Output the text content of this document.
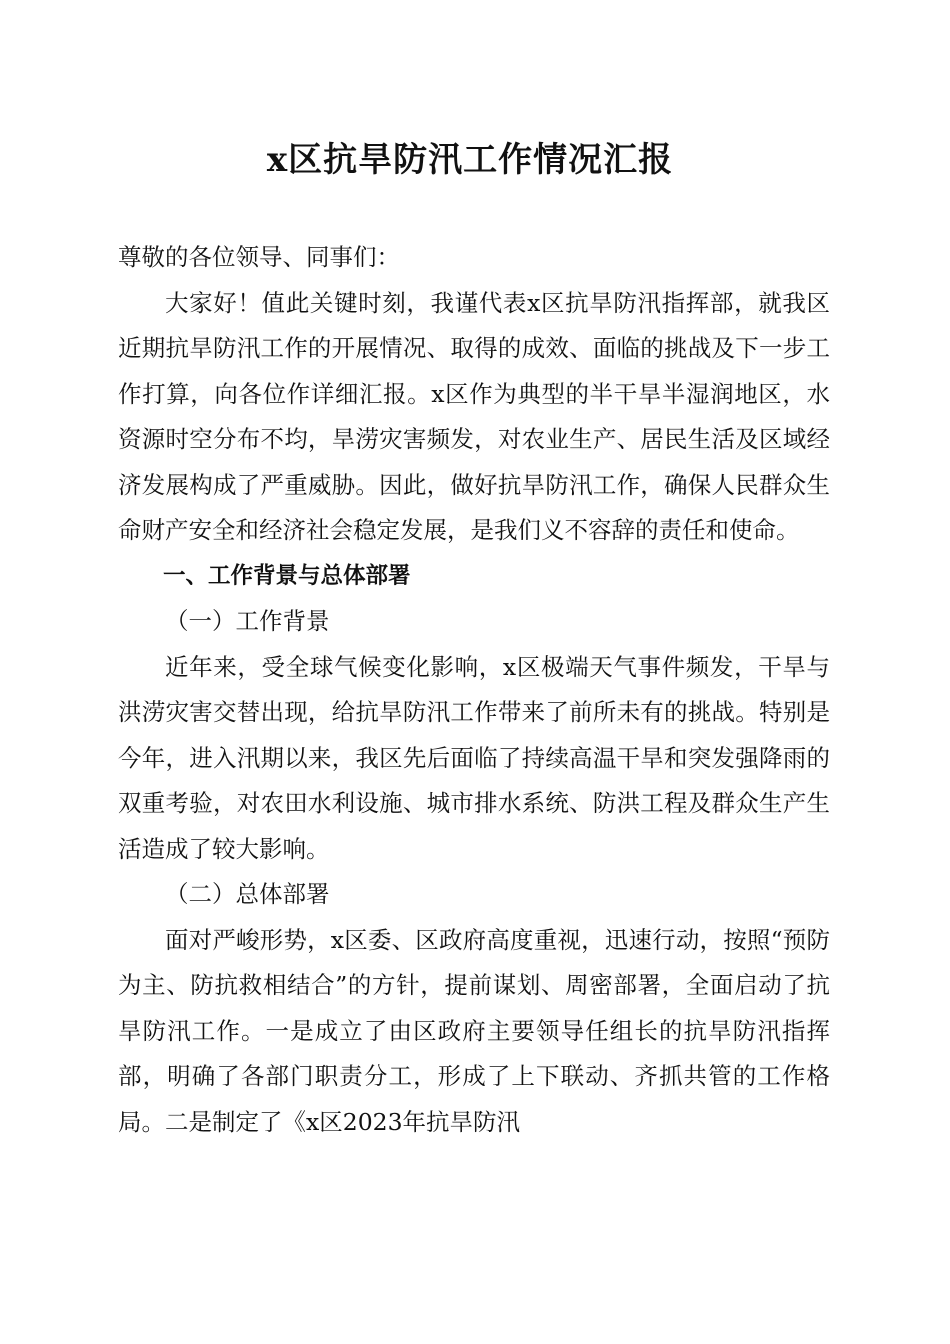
x区抗旱防汛工作情况汇报

尊敬的各位领导、同事们：

大家好！值此关键时刻，我谨代表x区抗旱防汛指挥部，就我区近期抗旱防汛工作的开展情况、取得的成效、面临的挑战及下一步工作打算，向各位作详细汇报。x区作为典型的半干旱半湿润地区，水资源时空分布不均，旱涝灾害频发，对农业生产、居民生活及区域经济发展构成了严重威胁。因此，做好抗旱防汛工作，确保人民群众生命财产安全和经济社会稳定发展，是我们义不容辞的责任和使命。

一、工作背景与总体部署

（一）工作背景

近年来，受全球气候变化影响，x区极端天气事件频发，干旱与洪涝灾害交替出现，给抗旱防汛工作带来了前所未有的挑战。特别是今年，进入汛期以来，我区先后面临了持续高温干旱和突发强降雨的双重考验，对农田水利设施、城市排水系统、防洪工程及群众生产生活造成了较大影响。

（二）总体部署

面对严峻形势，x区委、区政府高度重视，迅速行动，按照“预防为主、防抗救相结合”的方针，提前谋划、周密部署，全面启动了抗旱防汛工作。一是成立了由区政府主要领导任组长的抗旱防汛指挥部，明确了各部门职责分工，形成了上下联动、齐抓共管的工作格局。二是制定了《x区2023年抗旱防汛
